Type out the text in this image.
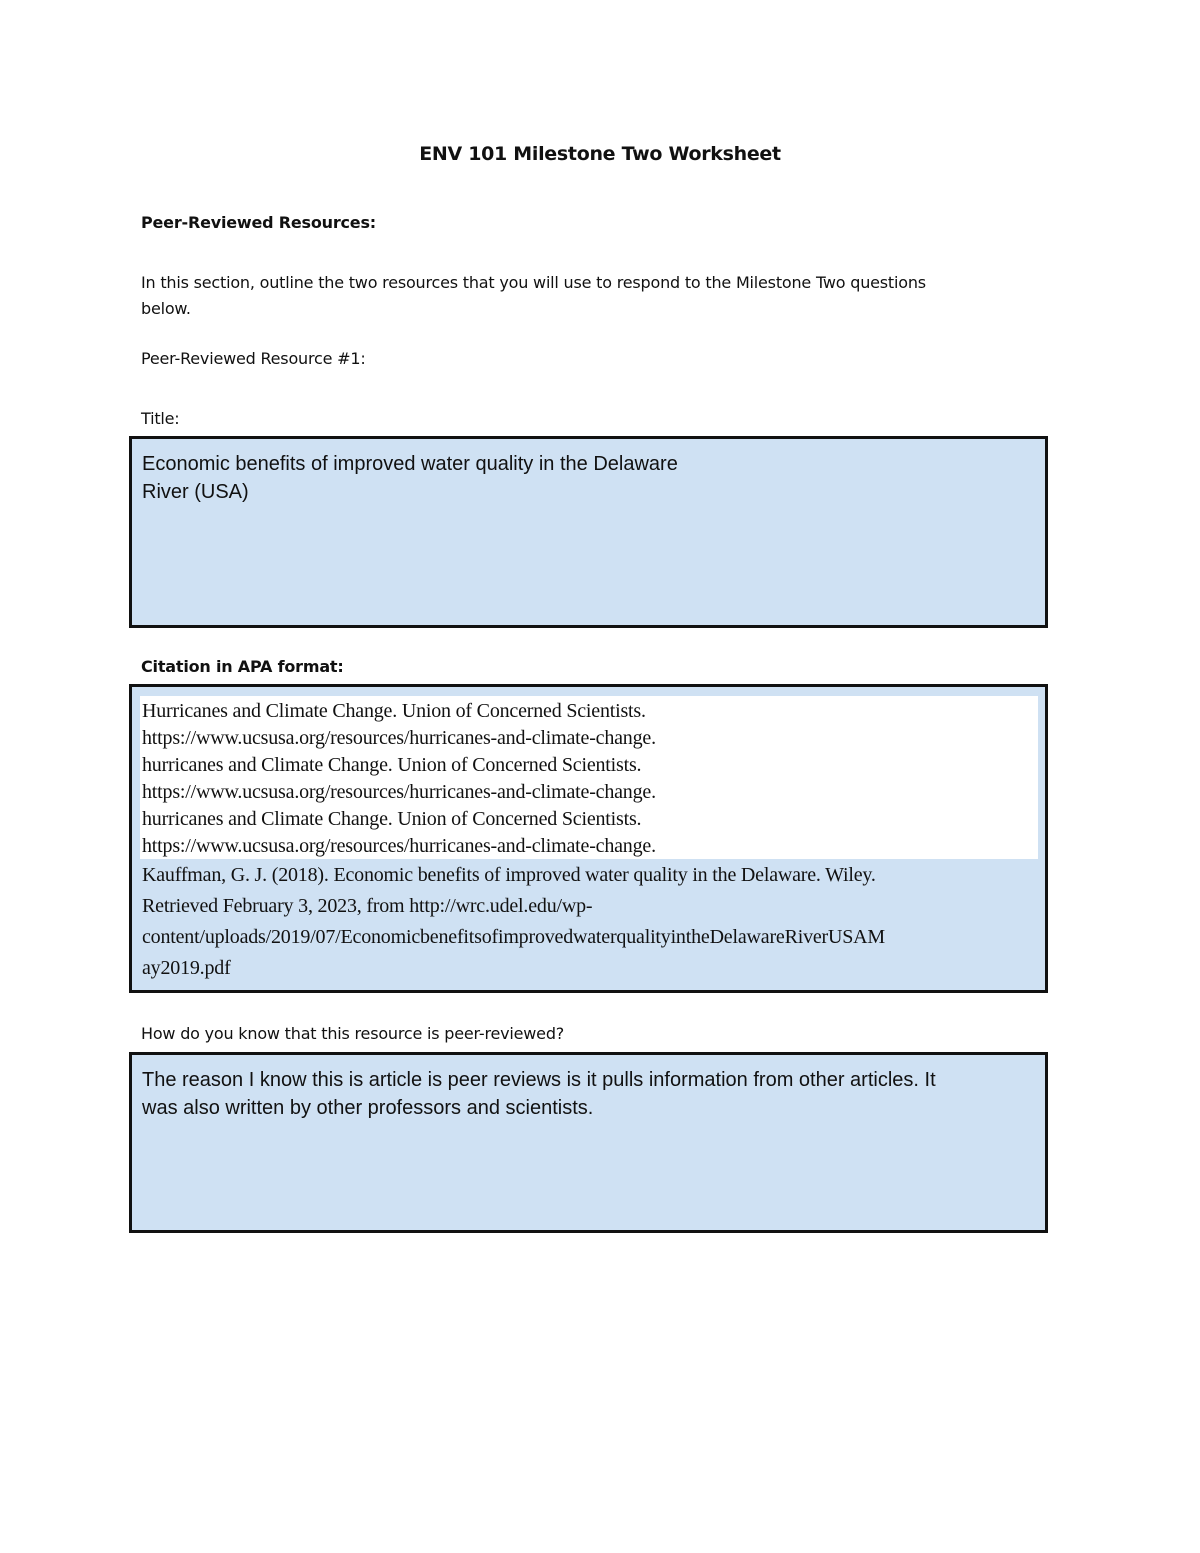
ENV 101 Milestone Two Worksheet
Peer-Reviewed Resources:
In this section, outline the two resources that you will use to respond to the Milestone Two questions
below.
Peer-Reviewed Resource #1:
Title:
Economic benefits of improved water quality in the Delaware
River (USA)
Citation in APA format:
Hurricanes and Climate Change. Union of Concerned Scientists.
https://www.ucsusa.org/resources/hurricanes-and-climate-change.
hurricanes and Climate Change. Union of Concerned Scientists.
https://www.ucsusa.org/resources/hurricanes-and-climate-change.
hurricanes and Climate Change. Union of Concerned Scientists.
https://www.ucsusa.org/resources/hurricanes-and-climate-change.
Kauffman, G. J. (2018). Economic benefits of improved water quality in the Delaware. Wiley.
Retrieved February 3, 2023, from http://wrc.udel.edu/wp-
content/uploads/2019/07/EconomicbenefitsofimprovedwaterqualityintheDelawareRiverUSAM
ay2019.pdf
How do you know that this resource is peer-reviewed?
The reason I know this is article is peer reviews is it pulls information from other articles. It
was also written by other professors and scientists.
